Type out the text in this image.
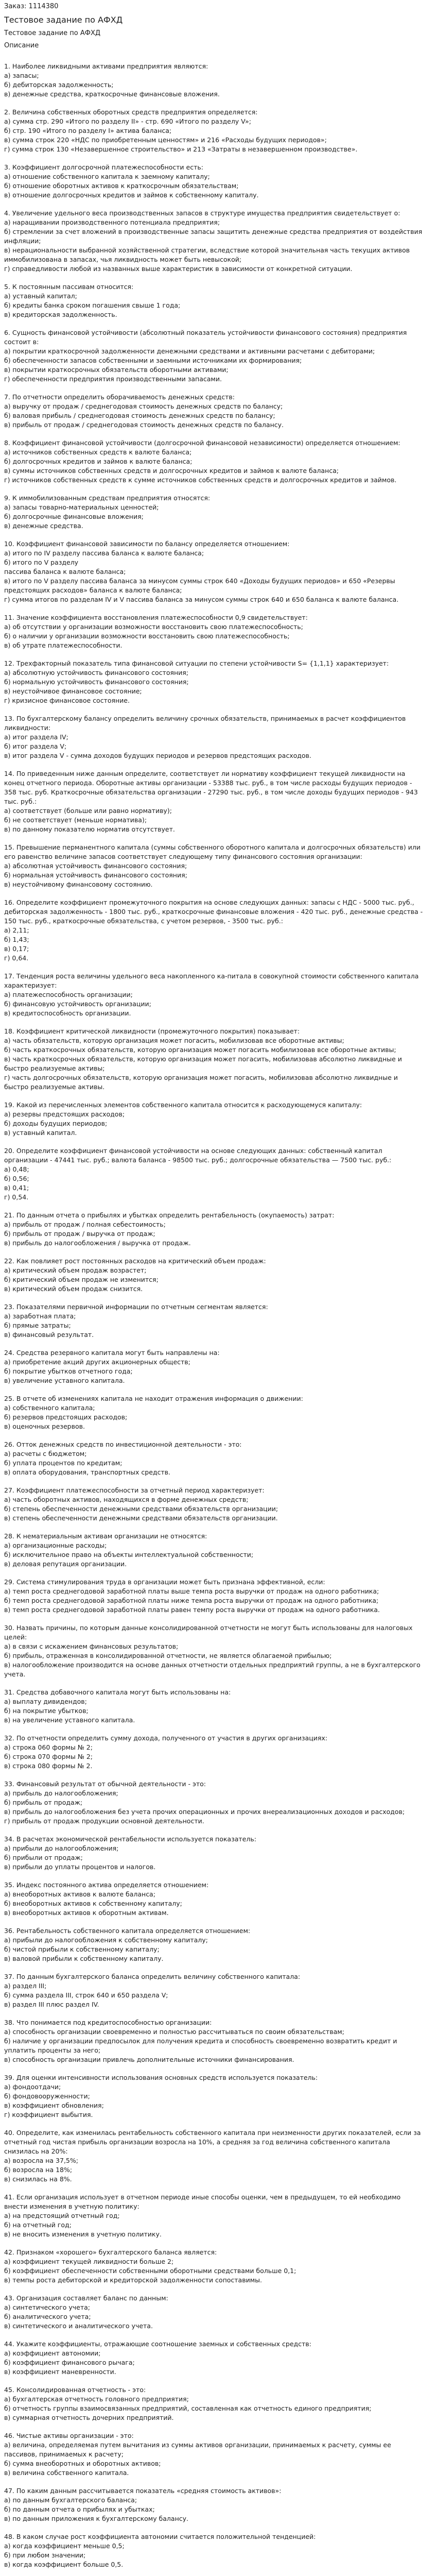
Заказ: 1114380
Тестовое задание по АФХД
Тестовое задание по АФХД
Описание
1. Наиболее ликвидными активами предприятия являются:
а) запасы;
б) дебиторская задолженность;
в) денежные средства, краткосрочные финансовые вложения.
2. Величина собственных оборотных средств предприятия определяется:
а) сумма стр. 290 «Итого по разделу II» - стр. 690 «Итого по разделу V»;
б) стр. 190 «Итого по разделу I» актива баланса;
в) сумма строк 220 «НДС по приобретенным ценностям» и 216 «Расходы будущих периодов»;
г) сумма строк 130 «Незавершенное строительство» и 213 «Затраты в незавершенном производстве».
3. Коэффициент долгосрочной платежеспособности есть:
а) отношение собственного капитала к заемному капиталу;
б) отношение оборотных активов к краткосрочным обязательствам;
в) отношение долгосрочных кредитов и займов к собственному капиталу.
4. Увеличение удельного веса производственных запасов в структуре имущества предприятия свидетельствует о:
а) наращивании производственного потенциала предприятия;
б) стремлении за счет вложений в производственные запасы защитить денежные средства предприятия от воздействия инфляции;
в) нерациональности выбранной хозяйственной стратегии, вследствие которой значительная часть текущих активов иммобилизована в запасах, чья ликвидность может быть невысокой;
г) справедливости любой из названных выше характеристик в зависимости от конкретной ситуации.
5. К постоянным пассивам относится:
а) уставный капитал;
б) кредиты банка сроком погашения свыше 1 года;
в) кредиторская задолженность.
6. Сущность финансовой устойчивости (абсолютный показатель устойчивости финансового состояния) предприятия состоит в:
а) покрытии краткосрочной задолженности денежными средствами и активными расчетами с дебиторами;
б) обеспеченности запасов собственными и заемными источниками их формирования;
в) покрытии краткосрочных обязательств оборотными активами;
г) обеспеченности предприятия производственными запасами.
7. По отчетности определить оборачиваемость денежных средств:
а) выручку от продаж / среднегодовая стоимость денежных средств по балансу;
б) валовая прибыль / среднегодовая стоимость денежных средств по балансу;
в) прибыль от продаж / среднегодовая стоимость денежных средств по балансу.
8. Коэффициент финансовой устойчивости (долгосрочной финансовой независимости) определяется отношением:
а) источников собственных средств к валюте баланса;
б) долгосрочных кредитов и займов к валюте баланса;
в) суммы источников собственных средств и долгосрочных кредитов и займов к валюте баланса;
г) источников собственных средств к сумме источников собственных средств и долгосрочных кредитов и займов.
9. К иммобилизованным средствам предприятия относятся:
а) запасы товарно-материальных ценностей;
б) долгосрочные финансовые вложения;
в) денежные средства.
10. Коэффициент финансовой зависимости по балансу определяется отношением:
а) итого по IV разделу пассива баланса к валюте баланса;
б) итого по V разделу
пассива баланса к валюте баланса;
в) итого по V разделу пассива баланса за минусом суммы строк 640 «Доходы будущих периодов» и 650 «Резервы предстоящих расходов» баланса к валюте баланса;
г) сумма итогов по разделам IV и V пассива баланса за минусом суммы строк 640 и 650 баланса к валюте баланса.
11. Значение коэффициента восстановления платежеспособности 0,9 свидетельствует:
а) об отсутствии у организации возможности восстановить свою платежеспособность;
б) о наличии у организации возможности восстановить свою платежеспособность;
в) об утрате платежеспособности.
12. Трехфакторный показатель типа финансовой ситуации по степени устойчивости S= {1,1,1} характеризует:
а) абсолютную устойчивость финансового состояния;
б) нормальную устойчивость финансового состояния;
в) неустойчивое финансовое состояние;
г) кризисное финансовое состояние.
13. По бухгалтерскому балансу определить величину срочных обязательств, принимаемых в расчет коэффициентов ликвидности:
а) итог раздела IV;
б) итог раздела V;
в) итог раздела V - сумма доходов будущих периодов и резервов предстоящих расходов.
14. По приведенным ниже данным определите, соответствует ли нормативу коэффициент текущей ликвидности на конец отчетного периода. Оборотные активы организации - 53388 тыс. руб., в том числе расходы будущих периодов - 358 тыс. руб. Краткосрочные обязательства организации - 27290 тыс. руб., в том числе доходы будущих периодов - 943 тыс. руб.:
а) соответствует (больше или равно нормативу);
б) не соответствует (меньше норматива);
в) по данному показателю норматив отсутствует.
15. Превышение перманентного капитала (суммы собственного оборотного капитала и долгосрочных обязательств) или его равенство величине запасов соответствует следующему типу финансового состояния организации:
а) абсолютная устойчивость финансового состояния;
б) нормальная устойчивость финансового состояния;
в) неустойчивому финансовому состоянию.
16. Определите коэффициент промежуточного покрытия на основе следующих данных: запасы с НДС - 5000 тыс. руб., дебиторская задолженность - 1800 тыс. руб., краткосрочные финансовые вложения - 420 тыс. руб., денежные средства - 150 тыс. руб., краткосрочные обязательства, с учетом резервов, - 3500 тыс. руб.:
а) 2,11;
б) 1,43;
в) 0,17;
г) 0,64.
17. Тенденция роста величины удельного веса накопленного ка-питала в совокупной стоимости собственного капитала характеризует:
а) платежеспособность организации;
б) финансовую устойчивость организации;
в) кредитоспособность организации.
18. Коэффициент критической ликвидности (промежуточного покрытия) показывает:
а) часть обязательств, которую организация может погасить, мобилизовав все оборотные активы;
б) часть краткосрочных обязательств, которую организация может погасить мобилизовав все оборотные активы;
в) часть краткосрочных обязательств, которую организация может погасить, мобилизовав абсолютно ликвидные и быстро реализуемые активы;
г) часть долгосрочных обязательств, которую организация может погасить, мобилизовав абсолютно ликвидные и быстро реализуемые активы.
19. Какой из перечисленных элементов собственного капитала относится к расходующемуся капиталу:
а) резервы предстоящих расходов;
б) доходы будущих периодов;
в) уставный капитал.
20. Определите коэффициент финансовой устойчивости на основе следующих данных: собственный капитал организации - 47441 тыс. руб.; валюта баланса - 98500 тыс. руб.; долгосрочные обязательства — 7500 тыс. руб.:
а) 0,48;
б) 0,56;
в) 0,41;
г) 0,54.
21. По данным отчета о прибылях и убытках определить рентабельность (окупаемость) затрат:
а) прибыль от продаж / полная себестоимость;
б) прибыль от продаж / выручка от продаж;
в) прибыль до налогообложения / выручка от продаж.
22. Как повлияет рост постоянных расходов на критический объем продаж:
а) критический объем продаж возрастет;
б) критический объем продаж не изменится;
в) критический объем продаж снизится.
23. Показателями первичной информации по отчетным сегментам является:
а) заработная плата;
б) прямые затраты;
в) финансовый результат.
24. Средства резервного капитала могут быть направлены на:
а) приобретение акций других акционерных обществ;
б) покрытие убытков отчетного года;
в) увеличение уставного капитала.
25. В отчете об изменениях капитала не находит отражения информация о движении:
а) собственного капитала;
б) резервов предстоящих расходов;
в) оценочных резервов.
26. Отток денежных средств по инвестиционной деятельности - это:
а) расчеты с бюджетом;
б) уплата процентов по кредитам;
в) оплата оборудования, транспортных средств.
27. Коэффициент платежеспособности за отчетный период характеризует:
а) часть оборотных активов, находящихся в форме денежных средств;
б) степень обеспеченности денежными средствами обязательств организации;
в) степень обеспеченности денежными средствами обязательств организации.
28. К нематериальным активам организации не относятся:
а) организационные расходы;
б) исключительное право на объекты интеллектуальной собственности;
в) деловая репутация организации.
29. Система стимулирования труда в организации может быть признана эффективной, если:
а) темп роста среднегодовой заработной платы выше темпа роста выручки от продаж на одного работника;
б) темп роста среднегодовой заработной платы ниже темпа роста выручки от продаж на одного работника;
в) темп роста среднегодовой заработной платы равен темпу роста выручки от продаж на одного работника.
30. Назвать причины, по которым данные консолидированной отчетности не могут быть использованы для налоговых целей:
а) в связи с искажением финансовых результатов;
б) прибыль, отраженная в консолидированной отчетности, не является облагаемой прибылью;
в) налогообложение производится на основе данных отчетности отдельных предприятий группы, а не в бухгалтерского учета.
31. Средства добавочного капитала могут быть использованы на:
а) выплату дивидендов;
б) на покрытие убытков;
в) на увеличение уставного капитала.
32. По отчетности определить сумму дохода, полученного от участия в других организациях:
а) строка 060 формы № 2;
б) строка 070 формы № 2;
в) строка 080 формы № 2.
33. Финансовый результат от обычной деятельности - это:
а) прибыль до налогообложения;
б) прибыль от продаж;
в) прибыль до налогообложения без учета прочих операционных и прочих внереализационных доходов и расходов;
г) прибыль от продаж продукции основной деятельности.
34. В расчетах экономической рентабельности используется показатель:
а) прибыли до налогообложения;
б) прибыли от продаж;
в) прибыли до уплаты процентов и налогов.
35. Индекс постоянного актива определяется отношением:
а) внеоборотных активов к валюте баланса;
б) внеоборотных активов к собственному капиталу;
в) внеоборотных активов к оборотным активам.
36. Рентабельность собственного капитала определяется отношением:
а) прибыли до налогообложения к собственному капиталу;
б) чистой прибыли к собственному капиталу;
в) валовой прибыли к собственному капиталу.
37. По данным бухгалтерского баланса определить величину собственного капитала:
а) раздел III;
б) сумма раздела III, строк 640 и 650 раздела V;
в) раздел III плюс раздел IV.
38. Что понимается под кредитоспособностью организации:
а) способность организации своевременно и полностью рассчитываться по своим обязательствам;
б) наличие у организации предпосылок для получения кредита и способность своевременно возвратить кредит и уплатить проценты за него;
в) способность организации привлечь дополнительные источники финансирования.
39. Для оценки интенсивности использования основных средств используется показатель:
а) фондоотдачи;
б) фондовооруженности;
в) коэффициент обновления;
г) коэффициент выбытия.
40. Определите, как изменилась рентабельность собственного капитала при неизменности других показателей, если за отчетный год чистая прибыль организации возросла на 10%, а средняя за год величина собственного капитала снизилась на 20%:
а) возросла на 37,5%;
б) возросла на 18%;
в) снизилась на 8%.
41. Если организация использует в отчетном периоде иные способы оценки, чем в предыдущем, то ей необходимо внести изменения в учетную политику:
а) на предстоящий отчетный год;
б) на отчетный год;
в) не вносить изменения в учетную политику.
42. Признаком «хорошего» бухгалтерского баланса является:
а) коэффициент текущей ликвидности больше 2;
б) коэффициент обеспеченности собственными оборотными средствами больше 0,1;
в) темпы роста дебиторской и кредиторской задолженности сопоставимы.
43. Организация составляет баланс по данным:
а) синтетического учета;
б) аналитического учета;
в) синтетического и аналитического учета.
44. Укажите коэффициенты, отражающие соотношение заемных и собственных средств:
а) коэффициент автономии;
б) коэффициент финансового рычага;
в) коэффициент маневренности.
45. Консолидированная отчетность - это:
а) бухгалтерская отчетность головного предприятия;
б) отчетность группы взаимосвязанных предприятий, составленная как отчетность единого предприятия;
в) суммарная отчетность дочерних предприятий.
46. Чистые активы организации - это:
а) величина, определяемая путем вычитания из суммы активов организации, принимаемых к расчету, суммы ее пассивов, принимаемых к расчету;
б) сумма внеоборотных и оборотных активов;
в) величина собственного капитала.
47. По каким данным рассчитывается показатель «средняя стоимость активов»:
а) по данным бухгалтерского баланса;
б) по данным отчета о прибылях и убытках;
в) по данным приложения к бухгалтерскому балансу.
48. В каком случае рост коэффициента автономии считается положительной тенденцией:
а) когда коэффициент меньше 0,5;
б) при любом значении;
в) когда коэффициент больше 0,5.
